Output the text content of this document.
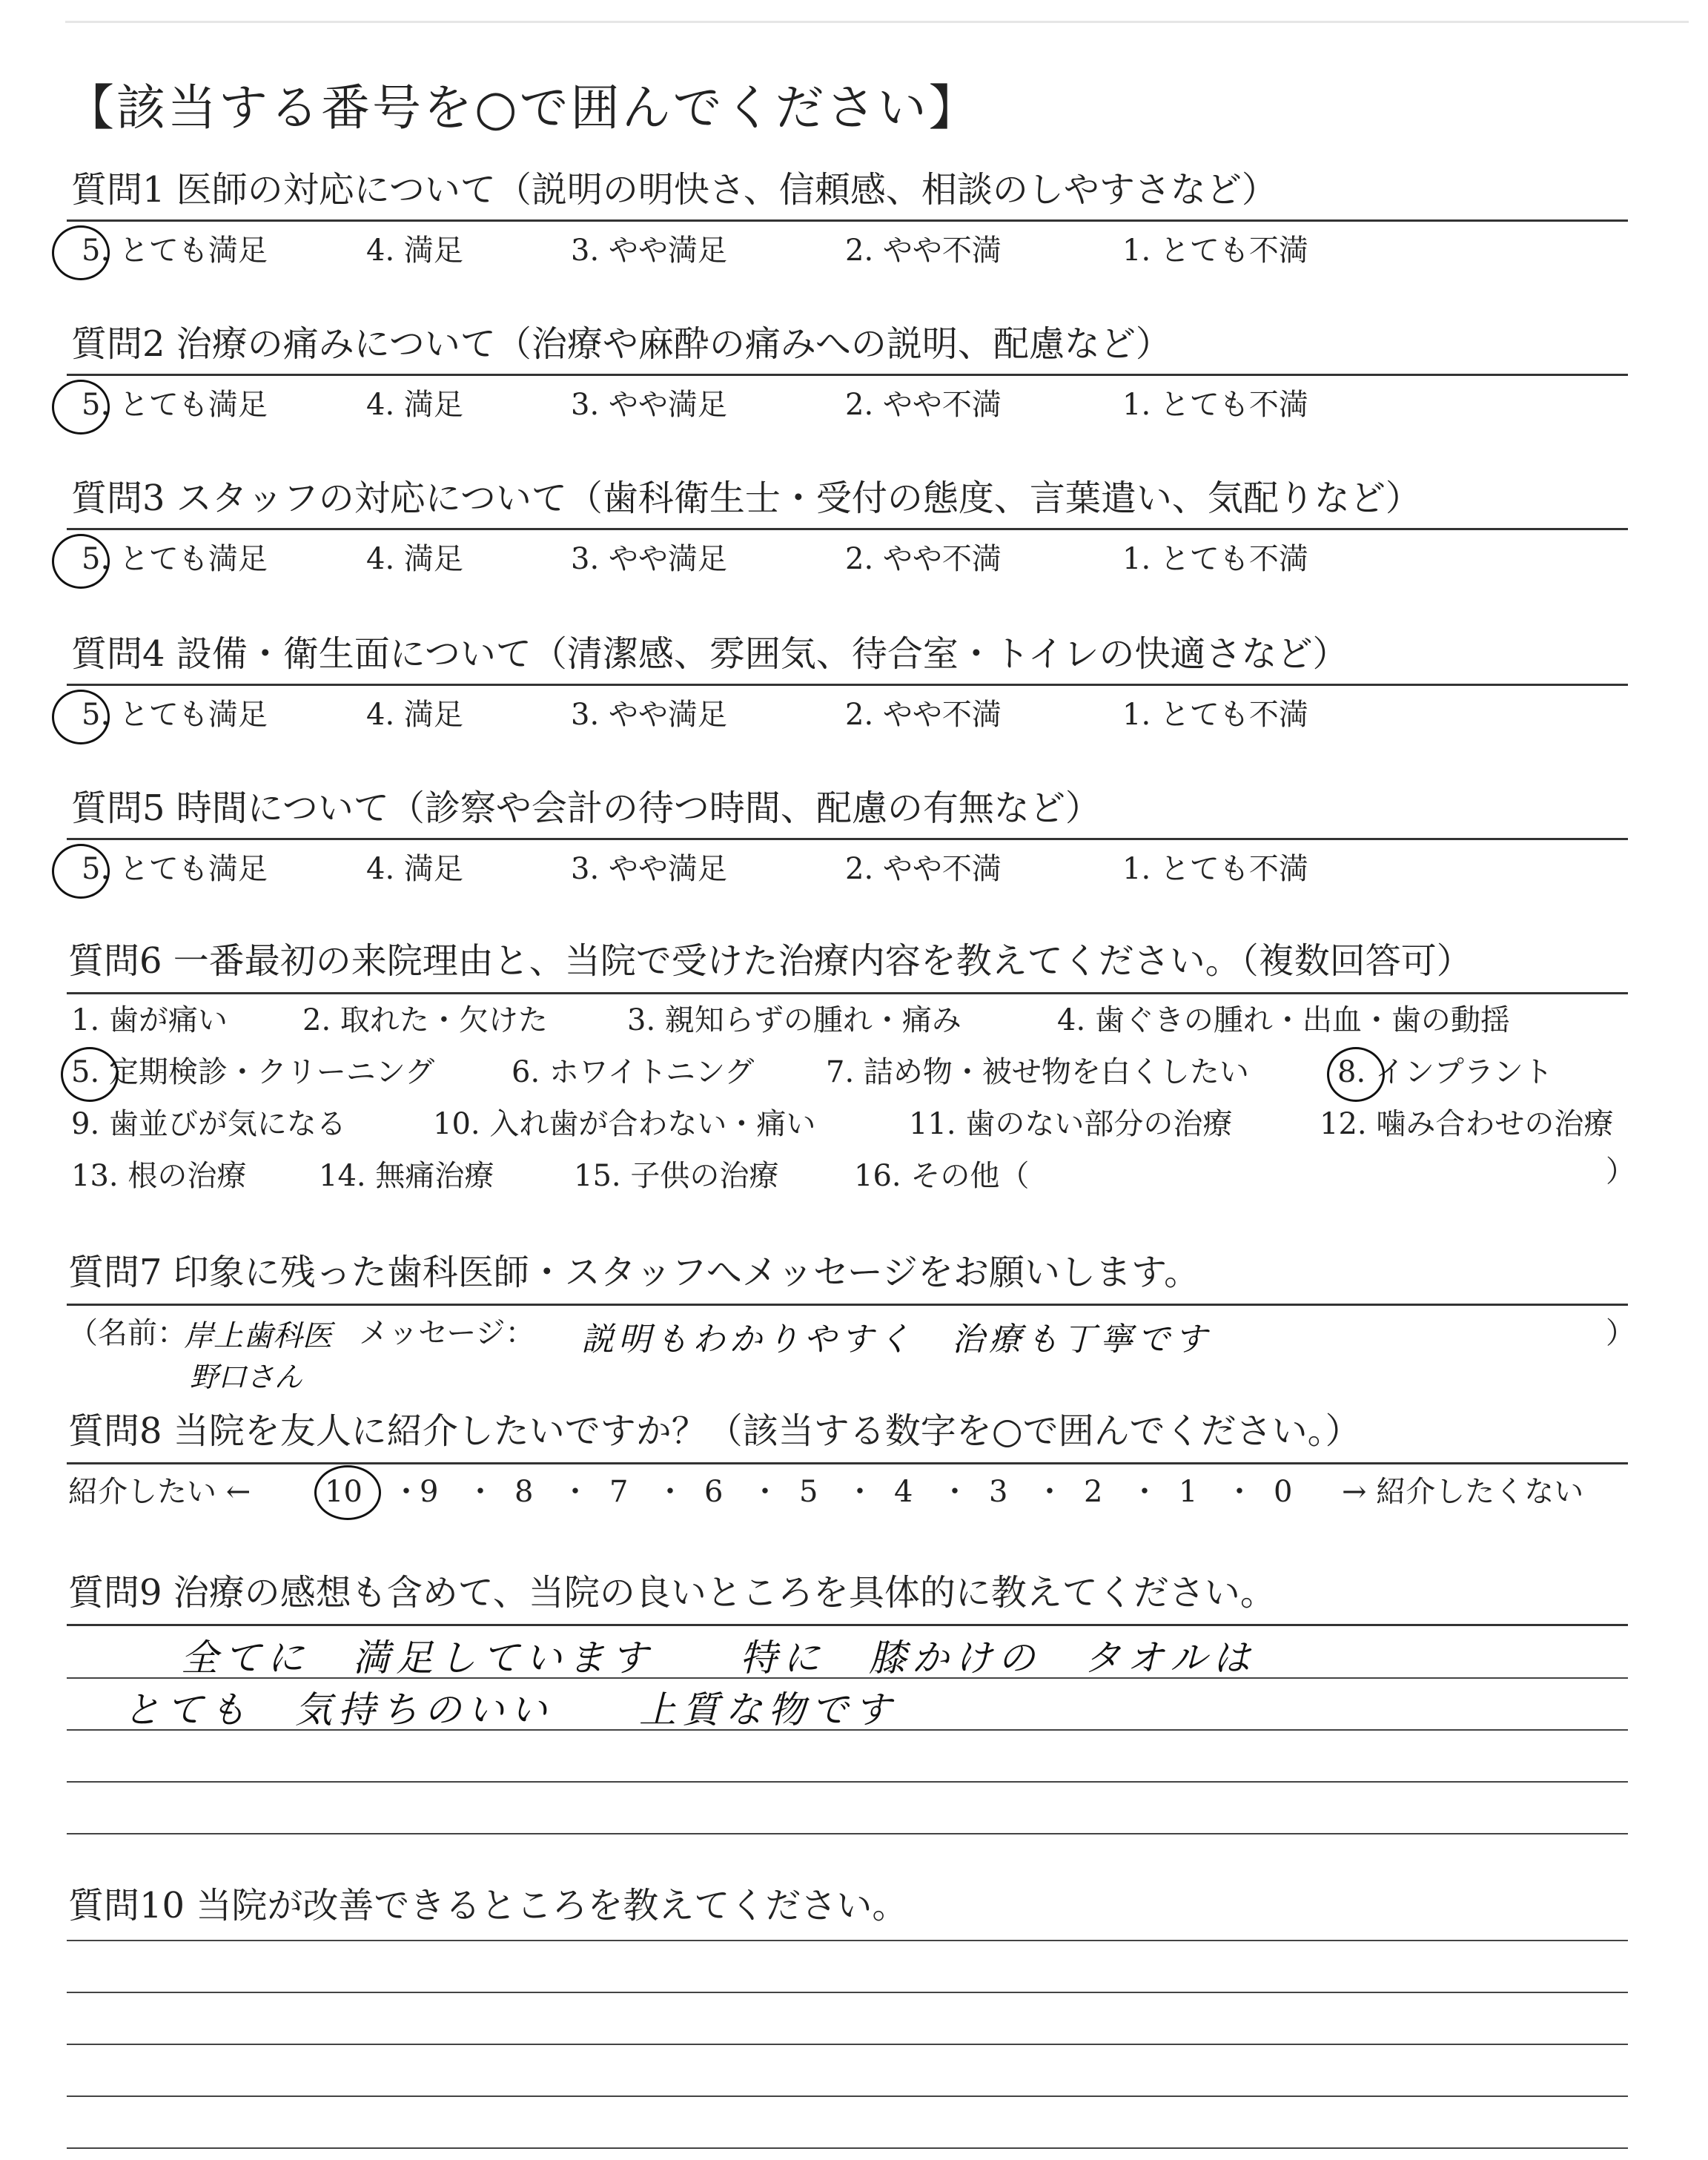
【該当する番号を○で囲んでください】
質問1 医師の対応について（説明の明快さ、信頼感、相談のしやすさなど）
5. とても満足	4. 満足	3. やや満足	2. やや不満	1. とても不満
質問2 治療の痛みについて（治療や麻酔の痛みへの説明、配慮など）
5. とても満足	4. 満足	3. やや満足	2. やや不満	1. とても不満
質問3 スタッフの対応について（歯科衛生士・受付の態度、言葉遣い、気配りなど）
5. とても満足	4. 満足	3. やや満足	2. やや不満	1. とても不満
質問4 設備・衛生面について（清潔感、雰囲気、待合室・トイレの快適さなど）
5. とても満足	4. 満足	3. やや満足	2. やや不満	1. とても不満
質問5 時間について（診察や会計の待つ時間、配慮の有無など）
5. とても満足	4. 満足	3. やや満足	2. やや不満	1. とても不満
質問6 一番最初の来院理由と、当院で受けた治療内容を教えてください。（複数回答可）
1. 歯が痛い	2. 取れた・欠けた	3. 親知らずの腫れ・痛み	4. 歯ぐきの腫れ・出血・歯の動揺
5. 定期検診・クリーニング	6. ホワイトニング 7. 詰め物・被せ物を白くしたい	8. インプラント
9. 歯並びが気になる	10. 入れ歯が合わない・痛い	11. 歯のない部分の治療	12. 噛み合わせの治療
13. 根の治療 14. 無痛治療	15. 子供の治療	16. その他（	）
質問7 印象に残った歯科医師・スタッフへメッセージをお願いします。
（名前：
岸上歯科医
野口さん
メッセージ： 説明もわかりやすく　治療も丁寧です	）
質問8 当院を友人に紹介したいですか？（該当する数字を○で囲んでください。）
紹介したい ← 10 ・
9 ・ 8 ・ 7 ・ 6 ・ 5 ・ 4 ・ 3 ・ 2 ・ 1 ・ 0 → 紹介したくない
質問9 治療の感想も含めて、当院の良いところを具体的に教えてください。
全てに　満足しています　　特に　膝かけの　タオルは
とても　気持ちのいい　　上質な物です
質問10 当院が改善できるところを教えてください。
